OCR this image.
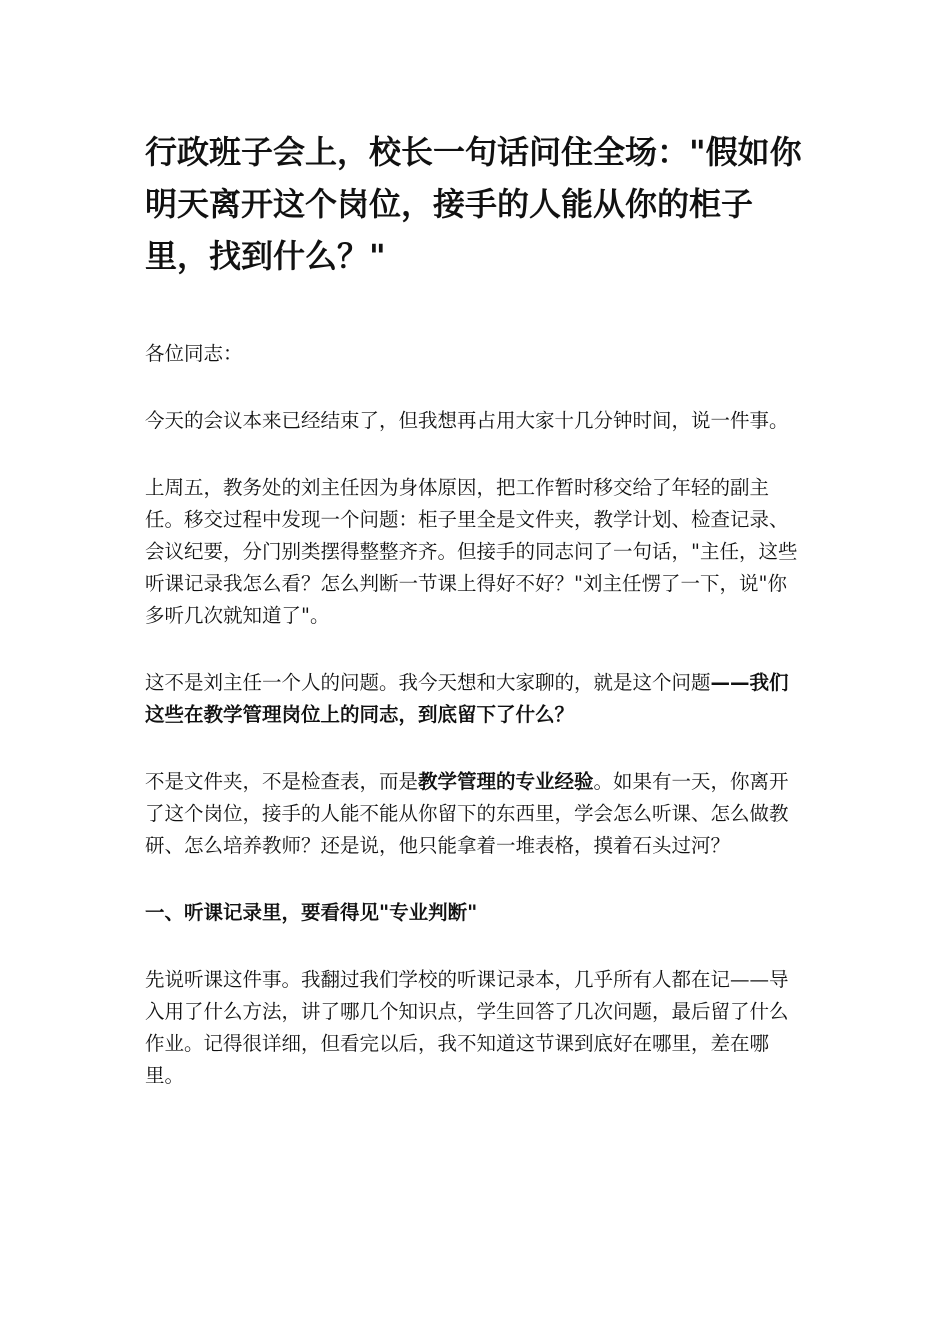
行政班子会上，校长一句话问住全场："假如你明天离开这个岗位，接手的人能从你的柜子里，找到什么？"

各位同志：

今天的会议本来已经结束了，但我想再占用大家十几分钟时间，说一件事。

上周五，教务处的刘主任因为身体原因，把工作暂时移交给了年轻的副主任。移交过程中发现一个问题：柜子里全是文件夹，教学计划、检查记录、会议纪要，分门别类摆得整整齐齐。但接手的同志问了一句话，"主任，这些听课记录我怎么看？怎么判断一节课上得好不好？"刘主任愣了一下，说"你多听几次就知道了"。

这不是刘主任一个人的问题。我今天想和大家聊的，就是这个问题——我们这些在教学管理岗位上的同志，到底留下了什么？

不是文件夹，不是检查表，而是教学管理的专业经验。如果有一天，你离开了这个岗位，接手的人能不能从你留下的东西里，学会怎么听课、怎么做教研、怎么培养教师？还是说，他只能拿着一堆表格，摸着石头过河？

一、听课记录里，要看得见"专业判断"

先说听课这件事。我翻过我们学校的听课记录本，几乎所有人都在记——导入用了什么方法，讲了哪几个知识点，学生回答了几次问题，最后留了什么作业。记得很详细，但看完以后，我不知道这节课到底好在哪里，差在哪里。
